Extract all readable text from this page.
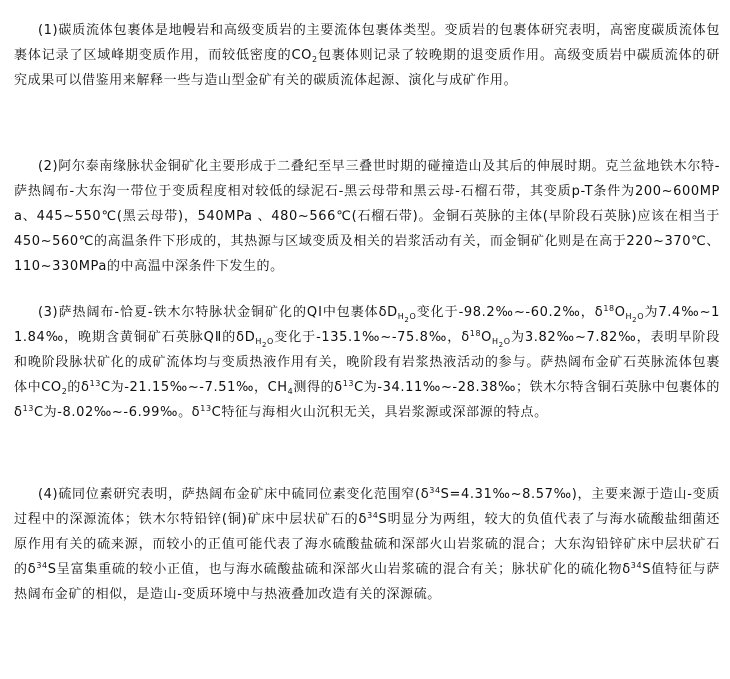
(1)碳质流体包裹体是地幔岩和高级变质岩的主要流体包裹体类型。变质岩的包裹体研究表明，高密度碳质流体包裹体记录了区域峰期变质作用，而较低密度的$CO_2$包裹体则记录了较晚期的退变质作用。高级变质岩中碳质流体的研究成果可以借鉴用来解释一些与造山型金矿有关的碳质流体起源、演化与成矿作用。

(2)阿尔泰南缘脉状金铜矿化主要形成于二叠纪至早三叠世时期的碰撞造山及其后的伸展时期。克兰盆地铁木尔特-萨热阔布-大东沟一带位于变质程度相对较低的绿泥石-黑云母带和黑云母-石榴石带，其变质p-T条件为200~600MPa、445~550℃(黑云母带)，540MPa 、480~566℃(石榴石带)。金铜石英脉的主体(早阶段石英脉)应该在相当于450~560℃的高温条件下形成的，其热源与区域变质及相关的岩浆活动有关，而金铜矿化则是在高于220~370℃、110~330MPa的中高温中深条件下发生的。

(3)萨热阔布-恰夏-铁木尔特脉状金铜矿化的QⅠ中包裹体$\delta D_{H_2O}$变化于-98.2‰~-60.2‰，$\delta^{18}O_{H_2O}$为7.4‰~11.84‰，晚期含黄铜矿石英脉QⅡ的$\delta D_{H_2O}$变化于-135.1‰~-75.8‰，$\delta^{18}O_{H_2O}$为3.82‰~7.82‰，表明早阶段和晚阶段脉状矿化的成矿流体均与变质热液作用有关，晚阶段有岩浆热液活动的参与。萨热阔布金矿石英脉流体包裹体中$CO_2$的$\delta^{13}C$为-21.15‰~-7.51‰，$CH_4$测得的$\delta^{13}C$为-34.11‰~-28.38‰；铁木尔特含铜石英脉中包裹体的$\delta^{13}C$为-8.02‰~-6.99‰。$\delta^{13}C$特征与海相火山沉积无关，具岩浆源或深部源的特点。

(4)硫同位素研究表明，萨热阔布金矿床中硫同位素变化范围窄$(\delta^{34}S=4.31‰\sim 8.57‰)$，主要来源于造山-变质过程中的深源流体；铁木尔特铅锌(铜)矿床中层状矿石的$\delta^{34}S$明显分为两组，较大的负值代表了与海水硫酸盐细菌还原作用有关的硫来源，而较小的正值可能代表了海水硫酸盐硫和深部火山岩浆硫的混合；大东沟铅锌矿床中层状矿石的$\delta^{34}S$呈富集重硫的较小正值，也与海水硫酸盐硫和深部火山岩浆硫的混合有关；脉状矿化的硫化物$\delta^{34}S$值特征与萨热阔布金矿的相似，是造山-变质环境中与热液叠加改造有关的深源硫。
